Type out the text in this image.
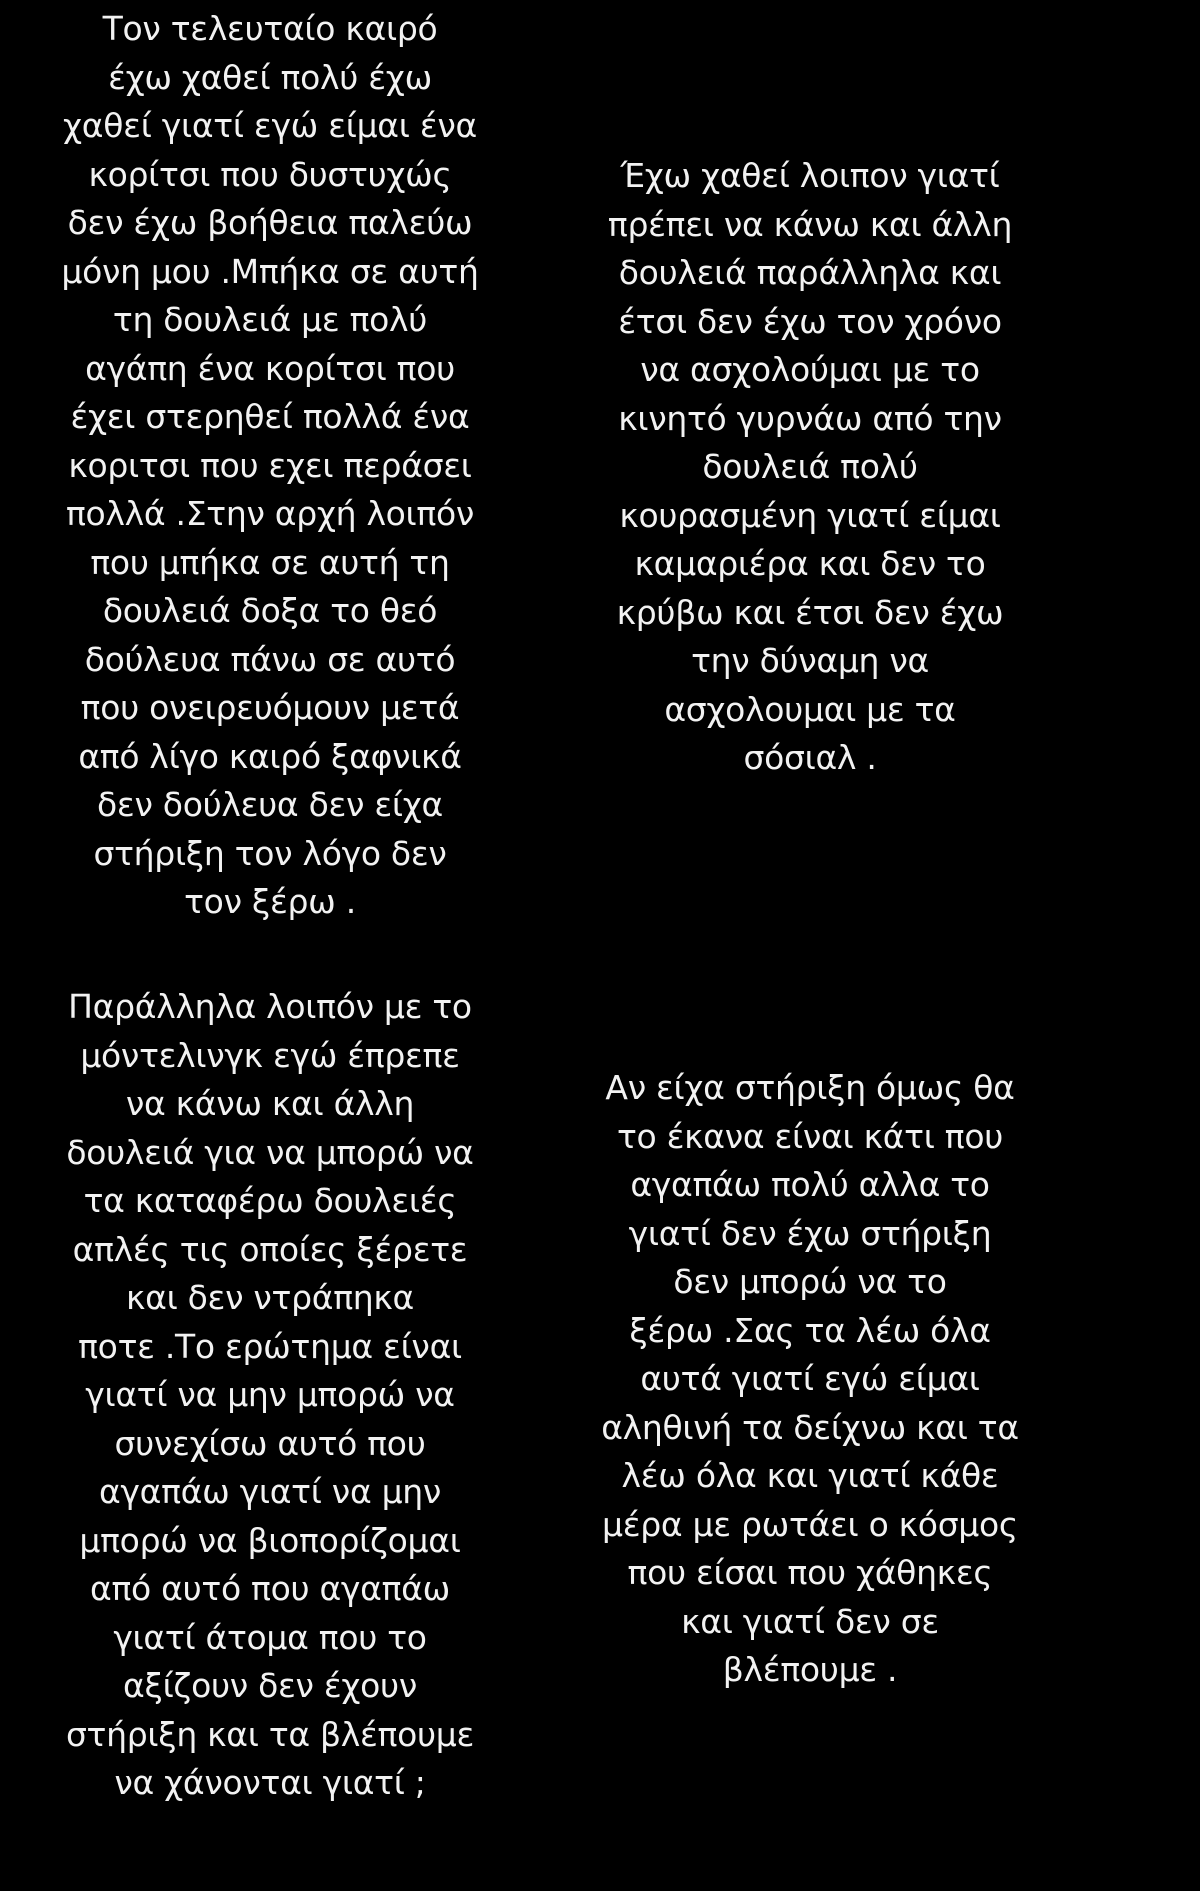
Τον τελευταίο καιρό
έχω χαθεί πολύ έχω
χαθεί γιατί εγώ είμαι ένα
κορίτσι που δυστυχώς
δεν έχω βοήθεια παλεύω
μόνη μου .Μπήκα σε αυτή
τη δουλειά με πολύ
αγάπη ένα κορίτσι που
έχει στερηθεί πολλά ένα
κοριτσι που εχει περάσει
πολλά .Στην αρχή λοιπόν
που μπήκα σε αυτή τη
δουλειά δοξα το θεό
δούλευα πάνω σε αυτό
που ονειρευόμουν μετά
από λίγο καιρό ξαφνικά
δεν δούλευα δεν είχα
στήριξη τον λόγο δεν
τον ξέρω .
Έχω χαθεί λοιπον γιατί
πρέπει να κάνω και άλλη
δουλειά παράλληλα και
έτσι δεν έχω τον χρόνο
να ασχολούμαι με το
κινητό γυρνάω από την
δουλειά πολύ
κουρασμένη γιατί είμαι
καμαριέρα και δεν το
κρύβω και έτσι δεν έχω
την δύναμη να
ασχολουμαι με τα
σόσιαλ .
Παράλληλα λοιπόν με το
μόντελινγκ εγώ έπρεπε
να κάνω και άλλη
δουλειά για να μπορώ να
τα καταφέρω δουλειές
απλές τις οποίες ξέρετε
και δεν ντράπηκα
ποτε .Το ερώτημα είναι
γιατί να μην μπορώ να
συνεχίσω αυτό που
αγαπάω γιατί να μην
μπορώ να βιοπορίζομαι
από αυτό που αγαπάω
γιατί άτομα που το
αξίζουν δεν έχουν
στήριξη και τα βλέπουμε
να χάνονται γιατί ;
Αν είχα στήριξη όμως θα
το έκανα είναι κάτι που
αγαπάω πολύ αλλα το
γιατί δεν έχω στήριξη
δεν μπορώ να το
ξέρω .Σας τα λέω όλα
αυτά γιατί εγώ είμαι
αληθινή τα δείχνω και τα
λέω όλα και γιατί κάθε
μέρα με ρωτάει ο κόσμος
που είσαι που χάθηκες
και γιατί δεν σε
βλέπουμε .
